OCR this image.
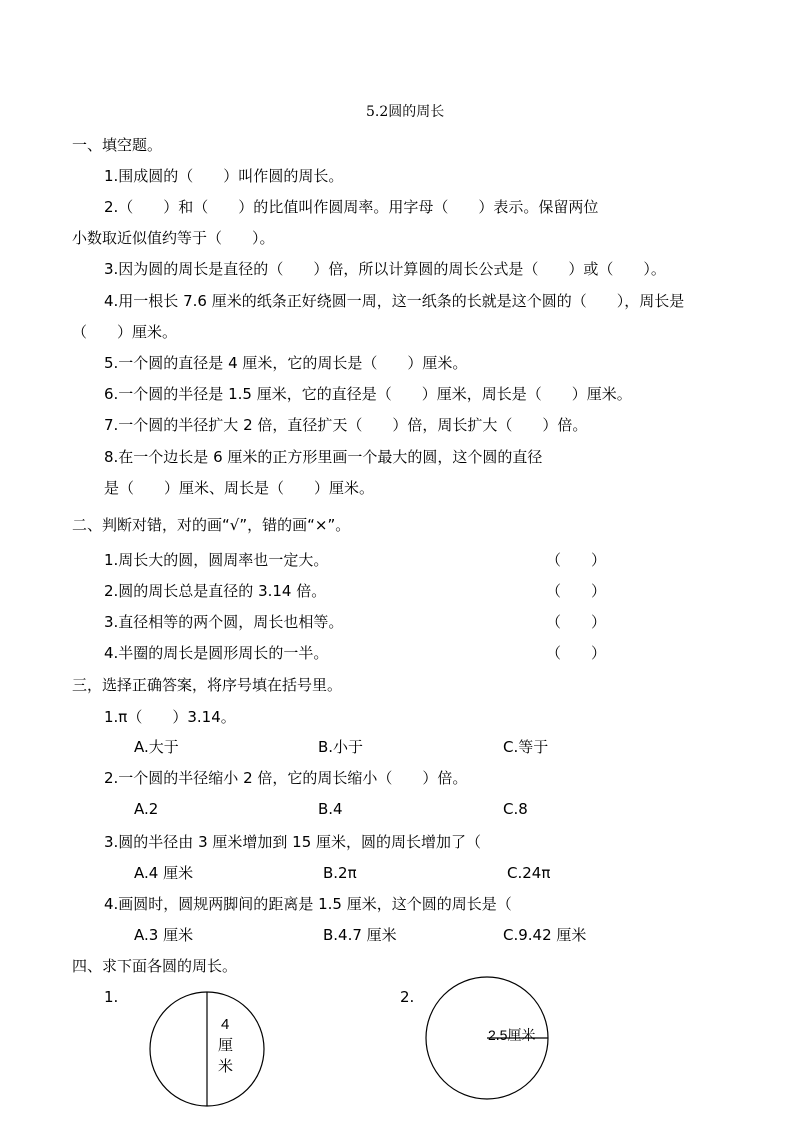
5.2圆的周长
一、填空题。
1.围成圆的（　　）叫作圆的周长。
2.（　　）和（　　）的比值叫作圆周率。用字母（　　）表示。保留两位
小数取近似值约等于（　　）。
3.因为圆的周长是直径的（　　）倍，所以计算圆的周长公式是（　　）或（　　）。
4.用一根长 7.6 厘米的纸条正好绕圆一周，这一纸条的长就是这个圆的（　　），周长是
（　　）厘米。
5.一个圆的直径是 4 厘米，它的周长是（　　）厘米。
6.一个圆的半径是 1.5 厘米，它的直径是（　　）厘米，周长是（　　）厘米。
7.一个圆的半径扩大 2 倍，直径扩天（　　）倍，周长扩大（　　）倍。
8.在一个边长是 6 厘米的正方形里画一个最大的圆，这个圆的直径
是（　　）厘米、周长是（　　）厘米。
二、判断对错，对的画“√”，错的画“×”。
1.周长大的圆，圆周率也一定大。	（　　）
2.圆的周长总是直径的 3.14 倍。	（　　）
3.直径相等的两个圆，周长也相等。	（　　）
4.半圈的周长是圆形周长的一半。	（　　）
三，选择正确答案，将序号填在括号里。
1.π（　　）3.14。
A.大于	B.小于	C.等于
2.一个圆的半径缩小 2 倍，它的周长缩小（　　）倍。
A.2	B.4	C.8
3.圆的半径由 3 厘米增加到 15 厘米，圆的周长增加了（
A.4 厘米	B.2π	C.24π
4.画圆时，圆规两脚间的距离是 1.5 厘米，这个圆的周长是（
A.3 厘米	B.4.7 厘米	C.9.42 厘米
四、求下面各圆的周长。
1.
4
厘
米
2.
2.5厘米
